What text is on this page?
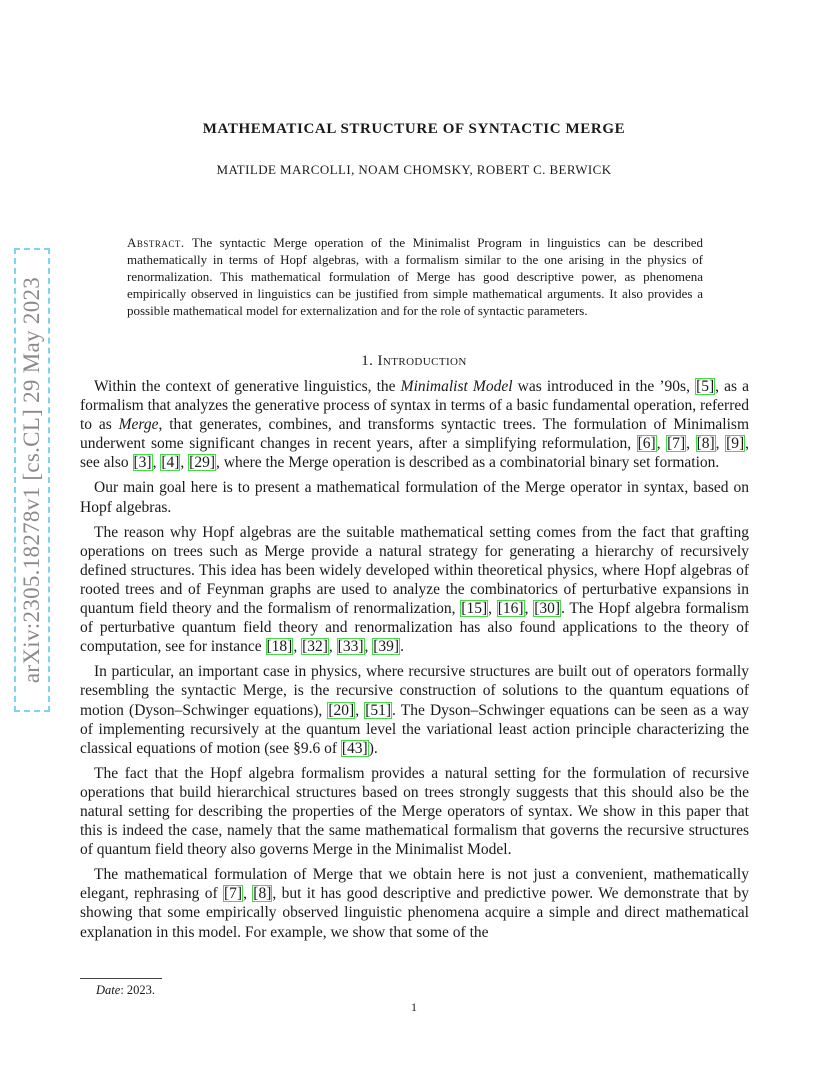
arXiv:2305.18278v1 [cs.CL] 29 May 2023
MATHEMATICAL STRUCTURE OF SYNTACTIC MERGE
MATILDE MARCOLLI, NOAM CHOMSKY, ROBERT C. BERWICK
Abstract. The syntactic Merge operation of the Minimalist Program in linguistics can be described mathematically in terms of Hopf algebras, with a formalism similar to the one arising in the physics of renormalization. This mathematical formulation of Merge has good descriptive power, as phenomena empirically observed in linguistics can be justified from simple mathematical arguments. It also provides a possible mathematical model for externalization and for the role of syntactic parameters.
1. Introduction

Within the context of generative linguistics, the Minimalist Model was introduced in the ’90s, [5], as a formalism that analyzes the generative process of syntax in terms of a basic fundamental operation, referred to as Merge, that generates, combines, and transforms syntactic trees. The formulation of Minimalism underwent some significant changes in recent years, after a simplifying reformulation, [6], [7], [8], [9], see also [3], [4], [29], where the Merge operation is described as a combinatorial binary set formation.

Our main goal here is to present a mathematical formulation of the Merge operator in syntax, based on Hopf algebras.

The reason why Hopf algebras are the suitable mathematical setting comes from the fact that grafting operations on trees such as Merge provide a natural strategy for generating a hierarchy of recursively defined structures. This idea has been widely developed within theoretical physics, where Hopf algebras of rooted trees and of Feynman graphs are used to analyze the combinatorics of perturbative expansions in quantum field theory and the formalism of renormalization, [15], [16], [30]. The Hopf algebra formalism of perturbative quantum field theory and renormalization has also found applications to the theory of computation, see for instance [18], [32], [33], [39].

In particular, an important case in physics, where recursive structures are built out of operators formally resembling the syntactic Merge, is the recursive construction of solutions to the quantum equations of motion (Dyson–Schwinger equations), [20], [51]. The Dyson–Schwinger equations can be seen as a way of implementing recursively at the quantum level the variational least action principle characterizing the classical equations of motion (see §9.6 of [43]).

The fact that the Hopf algebra formalism provides a natural setting for the formulation of recursive operations that build hierarchical structures based on trees strongly suggests that this should also be the natural setting for describing the properties of the Merge operators of syntax. We show in this paper that this is indeed the case, namely that the same mathematical formalism that governs the recursive structures of quantum field theory also governs Merge in the Minimalist Model.

The mathematical formulation of Merge that we obtain here is not just a convenient, mathematically elegant, rephrasing of [7], [8], but it has good descriptive and predictive power. We demonstrate that by showing that some empirically observed linguistic phenomena acquire a simple and direct mathematical explanation in this model. For example, we show that some of the

Date: 2023.
1
